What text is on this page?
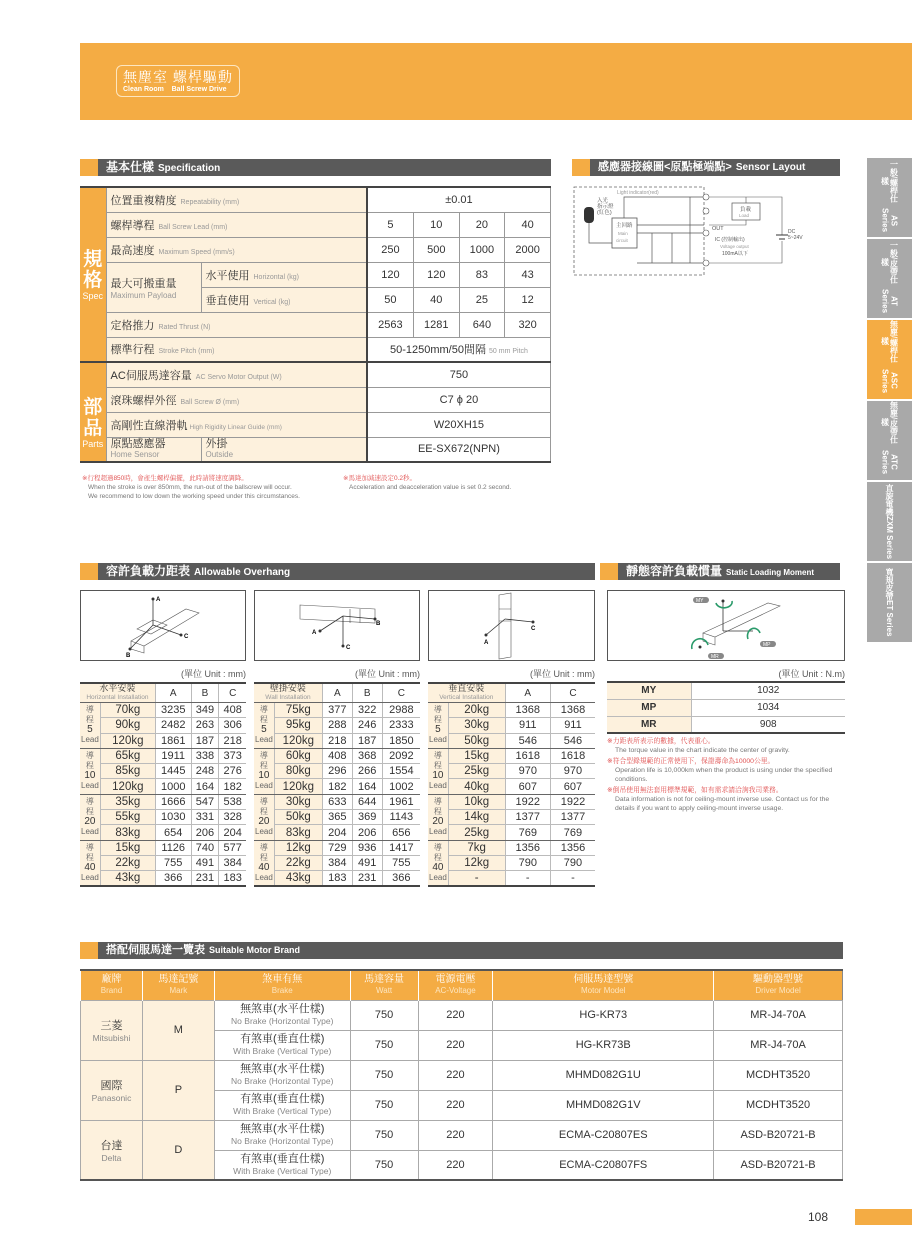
無塵室 螺桿驅動
Clean Room    Ball Screw Drive
一般/螺桿仕樣
AS Series
一般/皮帶仕樣
AT Series
無塵/螺桿仕樣
ASC Series
無塵/皮帶仕樣
ATC Series
直旋電機
ZXM Series
寬規皮帶
ET Series
基本仕樣 Specification
規
格
Spec	位置重複精度 Repeatability (mm)		±0.01			
	螺桿導程 Ball Screw Lead (mm)		5	10	20	40
	最高速度 Maximum Speed (mm/s)		250	500	1000	2000
	最大可搬重量
Maximum Payload	水平使用 Horizontal (kg)	120	120	83	43
		垂直使用 Vertical (kg)	50	40	25	12
	定格推力 Rated Thrust (N)		2563	1281	640	320
	標準行程 Stroke Pitch (mm)		50-1250mm/50間隔 50 mm Pitch			

部
品
Parts	AC伺服馬達容量 AC Servo Motor Output (W)		750			
	滾珠螺桿外徑 Ball Screw Ø (mm)		C7 ϕ 20			
	高剛性直線滑軌 High Rigidity Linear Guide (mm)		W20XH15			
	原點感應器
Home Sensor	外掛
Outside	EE-SX672(NPN)			
※行程超過850時，會產生螺桿偏擺，此時請將速度調降。
When the stroke is over 850mm, the run-out of the ballscrew will occur.
We recommend to low down the working speed under this circumstances.
※馬達加減速設定0.2秒。
Acceleration and deacceleration value is set 0.2 second.
感應器接線圖<原點極端點> Sensor Layout
Light indicator(red)
入光
指示燈
(紅色)
主回路
Main
circuit
負載
Load
OUT
IC (控制輸出)
Voltage output
100mA以下
DC
5~24V
容許負載力距表 Allowable Overhang
A
C
B
A
B
C
A
C
(單位 Unit : mm)	(單位 Unit : mm)	(單位 Unit : mm)
水平安裝
Horizontal Installation		A	B	C

導程
5
Lead	70kg	3235	349	408
	90kg	2482	263	306
	120kg	1861	187	218

導程
10
Lead	65kg	1911	338	373
	85kg	1445	248	276
	120kg	1000	164	182

導程
20
Lead	35kg	1666	547	538
	55kg	1030	331	328
	83kg	654	206	204

導程
40
Lead	15kg	1126	740	577
	22kg	755	491	384
	43kg	366	231	183
壁掛安裝
Wall Installation		A	B	C

導程
5
Lead	75kg	377	322	2988
	95kg	288	246	2333
	120kg	218	187	1850

導程
10
Lead	60kg	408	368	2092
	80kg	296	266	1554
	120kg	182	164	1002

導程
20
Lead	30kg	633	644	1961
	50kg	365	369	1143
	83kg	204	206	656

導程
40
Lead	12kg	729	936	1417
	22kg	384	491	755
	43kg	183	231	366
垂直安裝
Vertical Installation		A	C

導程
5
Lead	20kg	1368	1368
	30kg	911	911
	50kg	546	546

導程
10
Lead	15kg	1618	1618
	25kg	970	970
	40kg	607	607

導程
20
Lead	10kg	1922	1922
	14kg	1377	1377
	25kg	769	769

導程
40
Lead	7kg	1356	1356
	12kg	790	790
	-	-	-
靜態容許負載慣量 Static Loading Moment
MY
MP
MR
(單位 Unit : N.m)
MY	1032
MP	1034
MR	908
※力距表所表示的數據，代表重心。
The torque value in the chart indicate the center of gravity.
※符合型錄規範的正常使用下，保證壽命為10000公里。
Operation life is 10,000km when the product is using under the specified conditions.
※倒吊使用無法套用標準規範，如有需求請洽詢我司業務。
Data information is not for ceiling-mount inverse use. Contact us for the details if you want to apply ceiling-mount inverse usage.
搭配伺服馬達一覽表 Suitable Motor Brand
廠牌
Brand	馬達記號
Mark	煞車有無
Brake	馬達容量
Watt	電源電壓
AC-Voltage	伺服馬達型號
Motor Model	驅動器型號
Driver Model

三菱
Mitsubishi	M	無煞車(水平仕樣)
No Brake (Horizontal Type)	750	220	HG-KR73	MR-J4-70A
		有煞車(垂直仕樣)
With Brake (Vertical Type)	750	220	HG-KR73B	MR-J4-70A
國際
Panasonic	P	無煞車(水平仕樣)
No Brake (Horizontal Type)	750	220	MHMD082G1U	MCDHT3520
		有煞車(垂直仕樣)
With Brake (Vertical Type)	750	220	MHMD082G1V	MCDHT3520
台達
Delta	D	無煞車(水平仕樣)
No Brake (Horizontal Type)	750	220	ECMA-C20807ES	ASD-B20721-B
		有煞車(垂直仕樣)
With Brake (Vertical Type)	750	220	ECMA-C20807FS	ASD-B20721-B
108
